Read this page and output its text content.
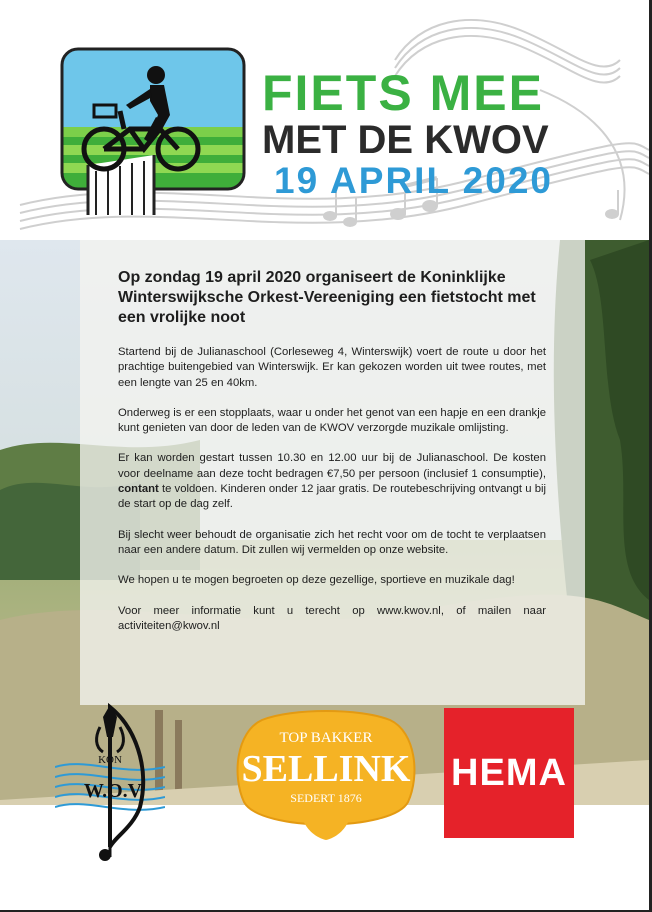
FIETS MEE
MET DE KWOV
19 APRIL 2020

Op zondag 19 april 2020 organiseert de Koninklijke Winterswijksche Orkest-Vereeniging een fietstocht met een vrolijke noot

Startend bij de Julianaschool (Corleseweg 4, Winterswijk) voert de route u door het prachtige buitengebied van Winterswijk. Er kan gekozen worden uit twee routes, met een lengte van 25 en 40km.

Onderweg is er een stopplaats, waar u onder het genot van een hapje en een drankje kunt genieten van door de leden van de KWOV verzorgde muzikale omlijsting.

Er kan worden gestart tussen 10.30 en 12.00 uur bij de Julianaschool. De kosten voor deelname aan deze tocht bedragen €7,50 per persoon (inclusief 1 consumptie), contant te voldoen. Kinderen onder 12 jaar gratis. De routebeschrijving ontvangt u bij de start op de dag zelf.

Bij slecht weer behoudt de organisatie zich het recht voor om de tocht te verplaatsen naar een andere datum. Dit zullen wij vermelden op onze website.

We hopen u te mogen begroeten op deze gezellige, sportieve en muzikale dag!

Voor meer informatie kunt u terecht op www.kwov.nl, of mailen naar activiteiten@kwov.nl

KON
W.O.V
TOP BAKKER
SELLINK
SEDERT 1876
HEMA
